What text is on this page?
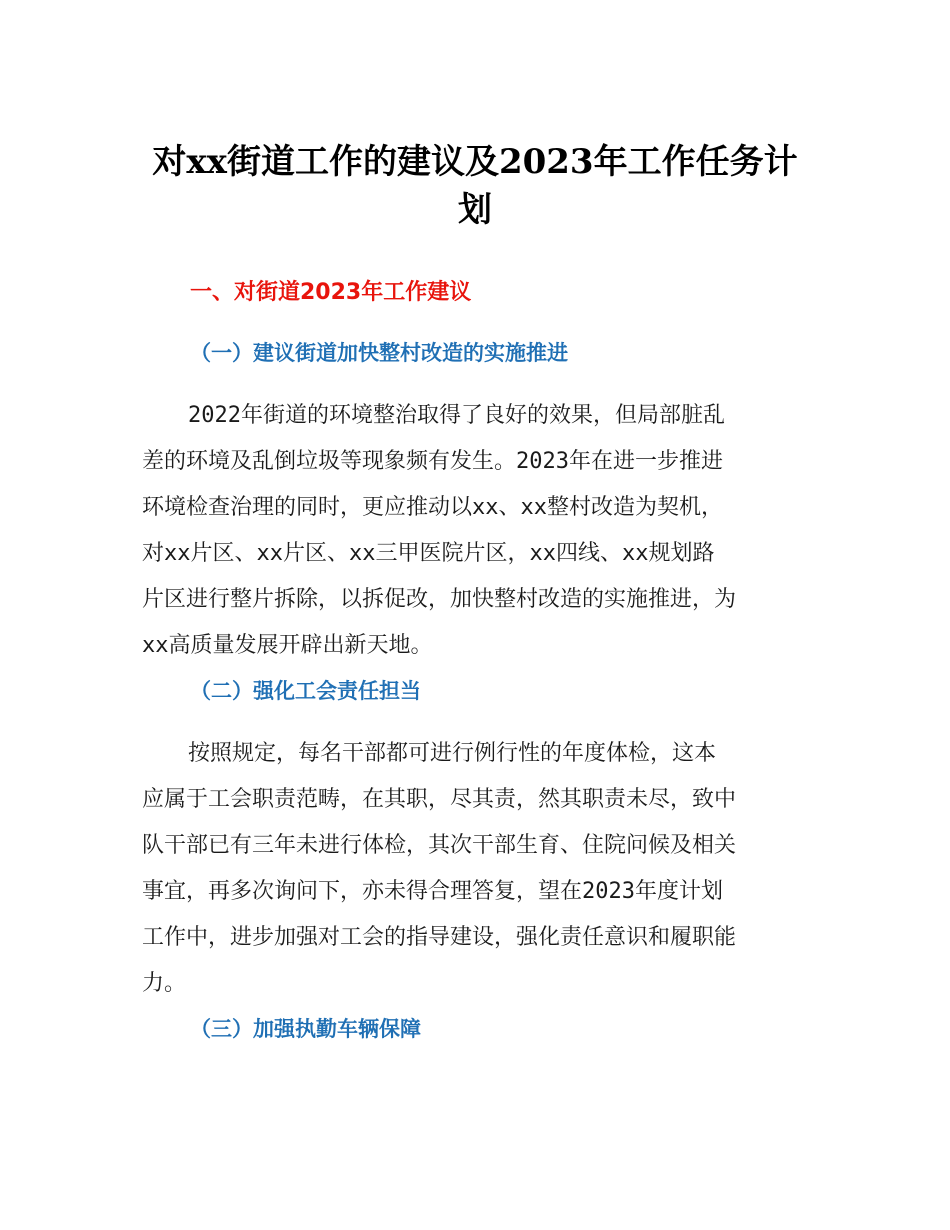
对xx街道工作的建议及2023年工作任务计
划
一、对街道2023年工作建议
（一）建议街道加快整村改造的实施推进
2022年街道的环境整治取得了良好的效果，但局部脏乱
差的环境及乱倒垃圾等现象频有发生。2023年在进一步推进
环境检查治理的同时，更应推动以xx、xx整村改造为契机，
对xx片区、xx片区、xx三甲医院片区，xx四线、xx规划路
片区进行整片拆除，以拆促改，加快整村改造的实施推进，为
xx高质量发展开辟出新天地。
（二）强化工会责任担当
按照规定，每名干部都可进行例行性的年度体检，这本
应属于工会职责范畴，在其职，尽其责，然其职责未尽，致中
队干部已有三年未进行体检，其次干部生育、住院问候及相关
事宜，再多次询问下，亦未得合理答复，望在2023年度计划
工作中，进步加强对工会的指导建设，强化责任意识和履职能
力。
（三）加强执勤车辆保障
